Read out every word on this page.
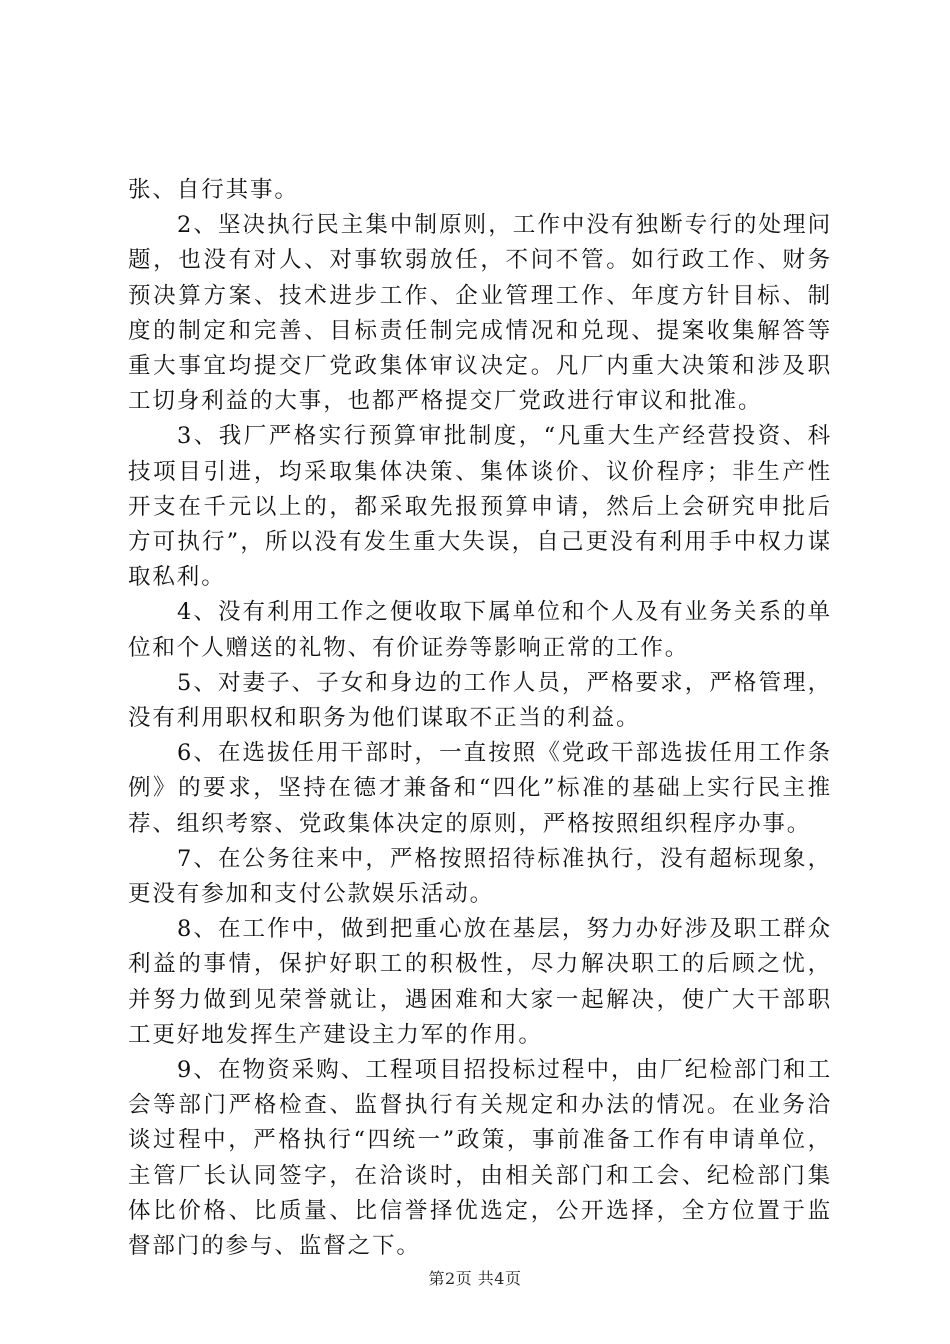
张、自行其事。

2、坚决执行民主集中制原则，工作中没有独断专行的处理问题，也没有对人、对事软弱放任，不问不管。如行政工作、财务预决算方案、技术进步工作、企业管理工作、年度方针目标、制度的制定和完善、目标责任制完成情况和兑现、提案收集解答等重大事宜均提交厂党政集体审议决定。凡厂内重大决策和涉及职工切身利益的大事，也都严格提交厂党政进行审议和批准。

3、我厂严格实行预算审批制度，“凡重大生产经营投资、科技项目引进，均采取集体决策、集体谈价、议价程序；非生产性开支在千元以上的，都采取先报预算申请，然后上会研究申批后方可执行”，所以没有发生重大失误，自己更没有利用手中权力谋取私利。

4、没有利用工作之便收取下属单位和个人及有业务关系的单位和个人赠送的礼物、有价证券等影响正常的工作。

5、对妻子、子女和身边的工作人员，严格要求，严格管理，没有利用职权和职务为他们谋取不正当的利益。

6、在选拔任用干部时，一直按照《党政干部选拔任用工作条例》的要求，坚持在德才兼备和“四化”标准的基础上实行民主推荐、组织考察、党政集体决定的原则，严格按照组织程序办事。

7、在公务往来中，严格按照招待标准执行，没有超标现象，更没有参加和支付公款娱乐活动。

8、在工作中，做到把重心放在基层，努力办好涉及职工群众利益的事情，保护好职工的积极性，尽力解决职工的后顾之忧，并努力做到见荣誉就让，遇困难和大家一起解决，使广大干部职工更好地发挥生产建设主力军的作用。

9、在物资采购、工程项目招投标过程中，由厂纪检部门和工会等部门严格检查、监督执行有关规定和办法的情况。在业务洽谈过程中，严格执行“四统一”政策，事前准备工作有申请单位，主管厂长认同签字，在洽谈时，由相关部门和工会、纪检部门集体比价格、比质量、比信誉择优选定，公开选择，全方位置于监督部门的参与、监督之下。

第2页 共4页
